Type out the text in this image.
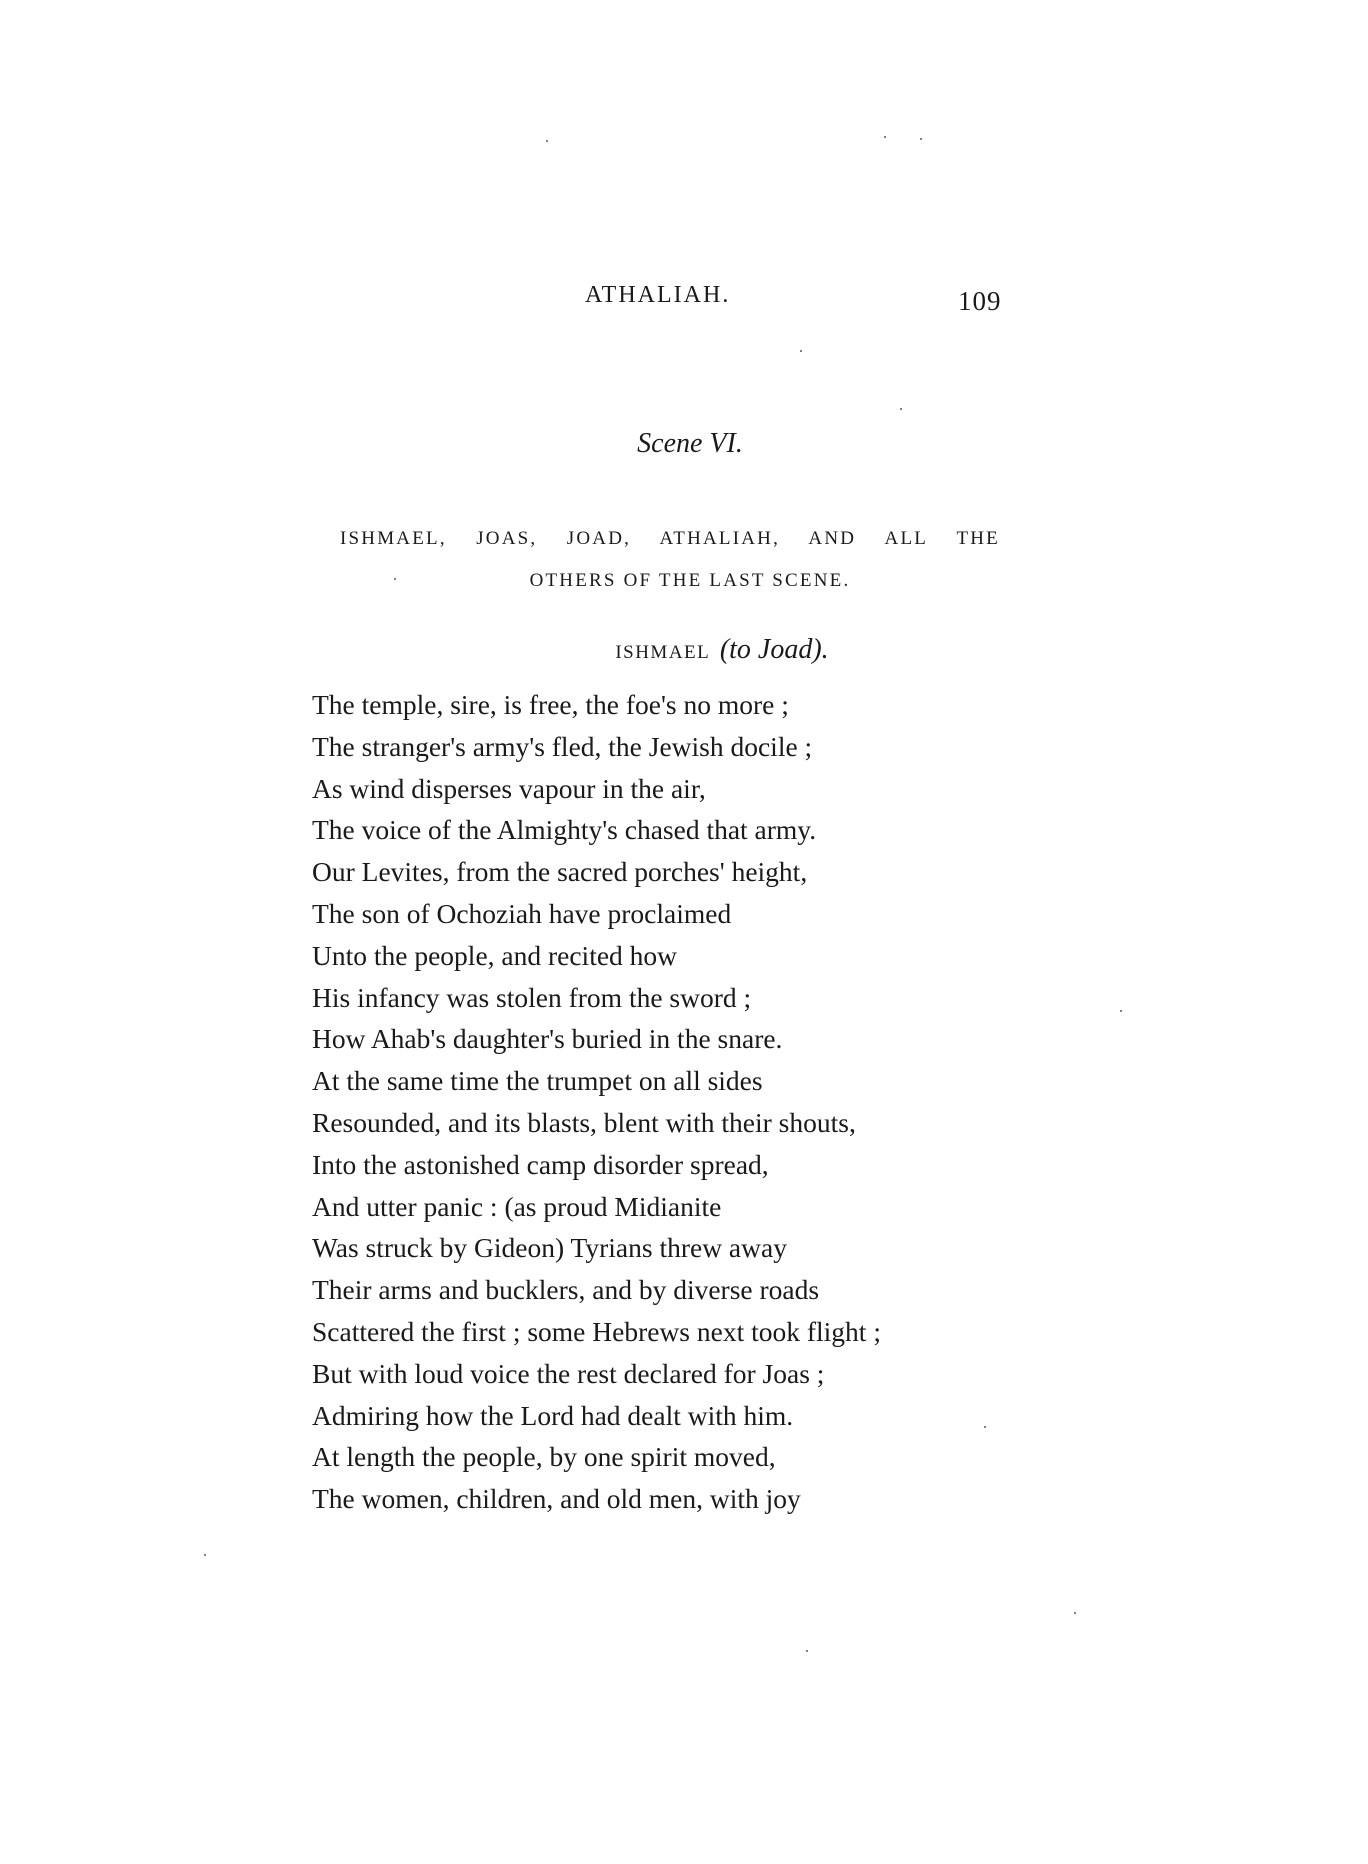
ATHALIAH.	109
Scene VI.
ISHMAEL, JOAS, JOAD, ATHALIAH, AND ALL THE
OTHERS OF THE LAST SCENE.
ISHMAEL (to Joad).
The temple, sire, is free, the foe's no more ;
The stranger's army's fled, the Jewish docile ;
As wind disperses vapour in the air,
The voice of the Almighty's chased that army.
Our Levites, from the sacred porches' height,
The son of Ochoziah have proclaimed
Unto the people, and recited how
His infancy was stolen from the sword ;
How Ahab's daughter's buried in the snare.
At the same time the trumpet on all sides
Resounded, and its blasts, blent with their shouts,
Into the astonished camp disorder spread,
And utter panic : (as proud Midianite
Was struck by Gideon) Tyrians threw away
Their arms and bucklers, and by diverse roads
Scattered the first ; some Hebrews next took flight ;
But with loud voice the rest declared for Joas ;
Admiring how the Lord had dealt with him.
At length the people, by one spirit moved,
The women, children, and old men, with joy
